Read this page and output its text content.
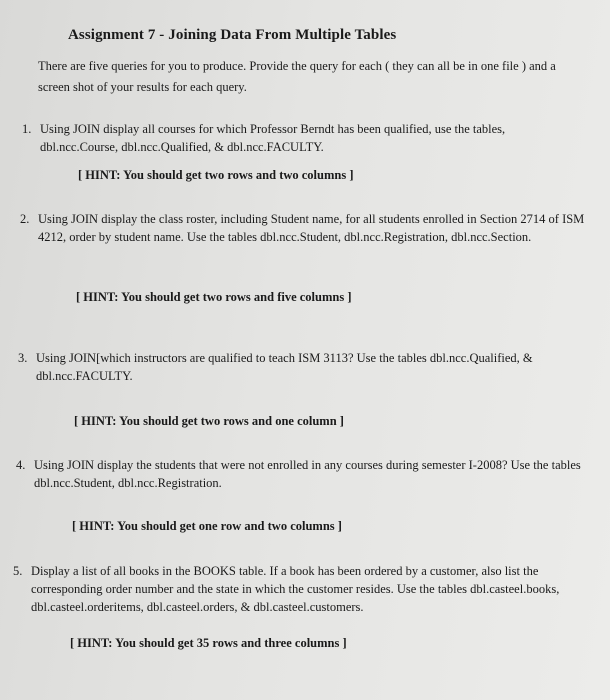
Assignment 7 - Joining Data From Multiple Tables
There are five queries for you to produce. Provide the query for each ( they can all be in one file ) and a screen shot of your results for each query.
1. Using JOIN display all courses for which Professor Berndt has been qualified, use the tables, dbl.ncc.Course, dbl.ncc.Qualified, & dbl.ncc.FACULTY.
[ HINT: You should get two rows and two columns ]
2. Using JOIN display the class roster, including Student name, for all students enrolled in Section 2714 of ISM 4212, order by student name. Use the tables dbl.ncc.Student, dbl.ncc.Registration, dbl.ncc.Section.
[ HINT: You should get two rows and five columns ]
3. Using JOIN[which instructors are qualified to teach ISM 3113? Use the tables dbl.ncc.Qualified, & dbl.ncc.FACULTY.
[ HINT: You should get two rows and one column ]
4. Using JOIN display the students that were not enrolled in any courses during semester I-2008? Use the tables dbl.ncc.Student, dbl.ncc.Registration.
[ HINT: You should get one row and two columns ]
5. Display a list of all books in the BOOKS table. If a book has been ordered by a customer, also list the corresponding order number and the state in which the customer resides. Use the tables dbl.casteel.books, dbl.casteel.orderitems, dbl.casteel.orders, & dbl.casteel.customers.
[ HINT: You should get 35 rows and three columns ]
